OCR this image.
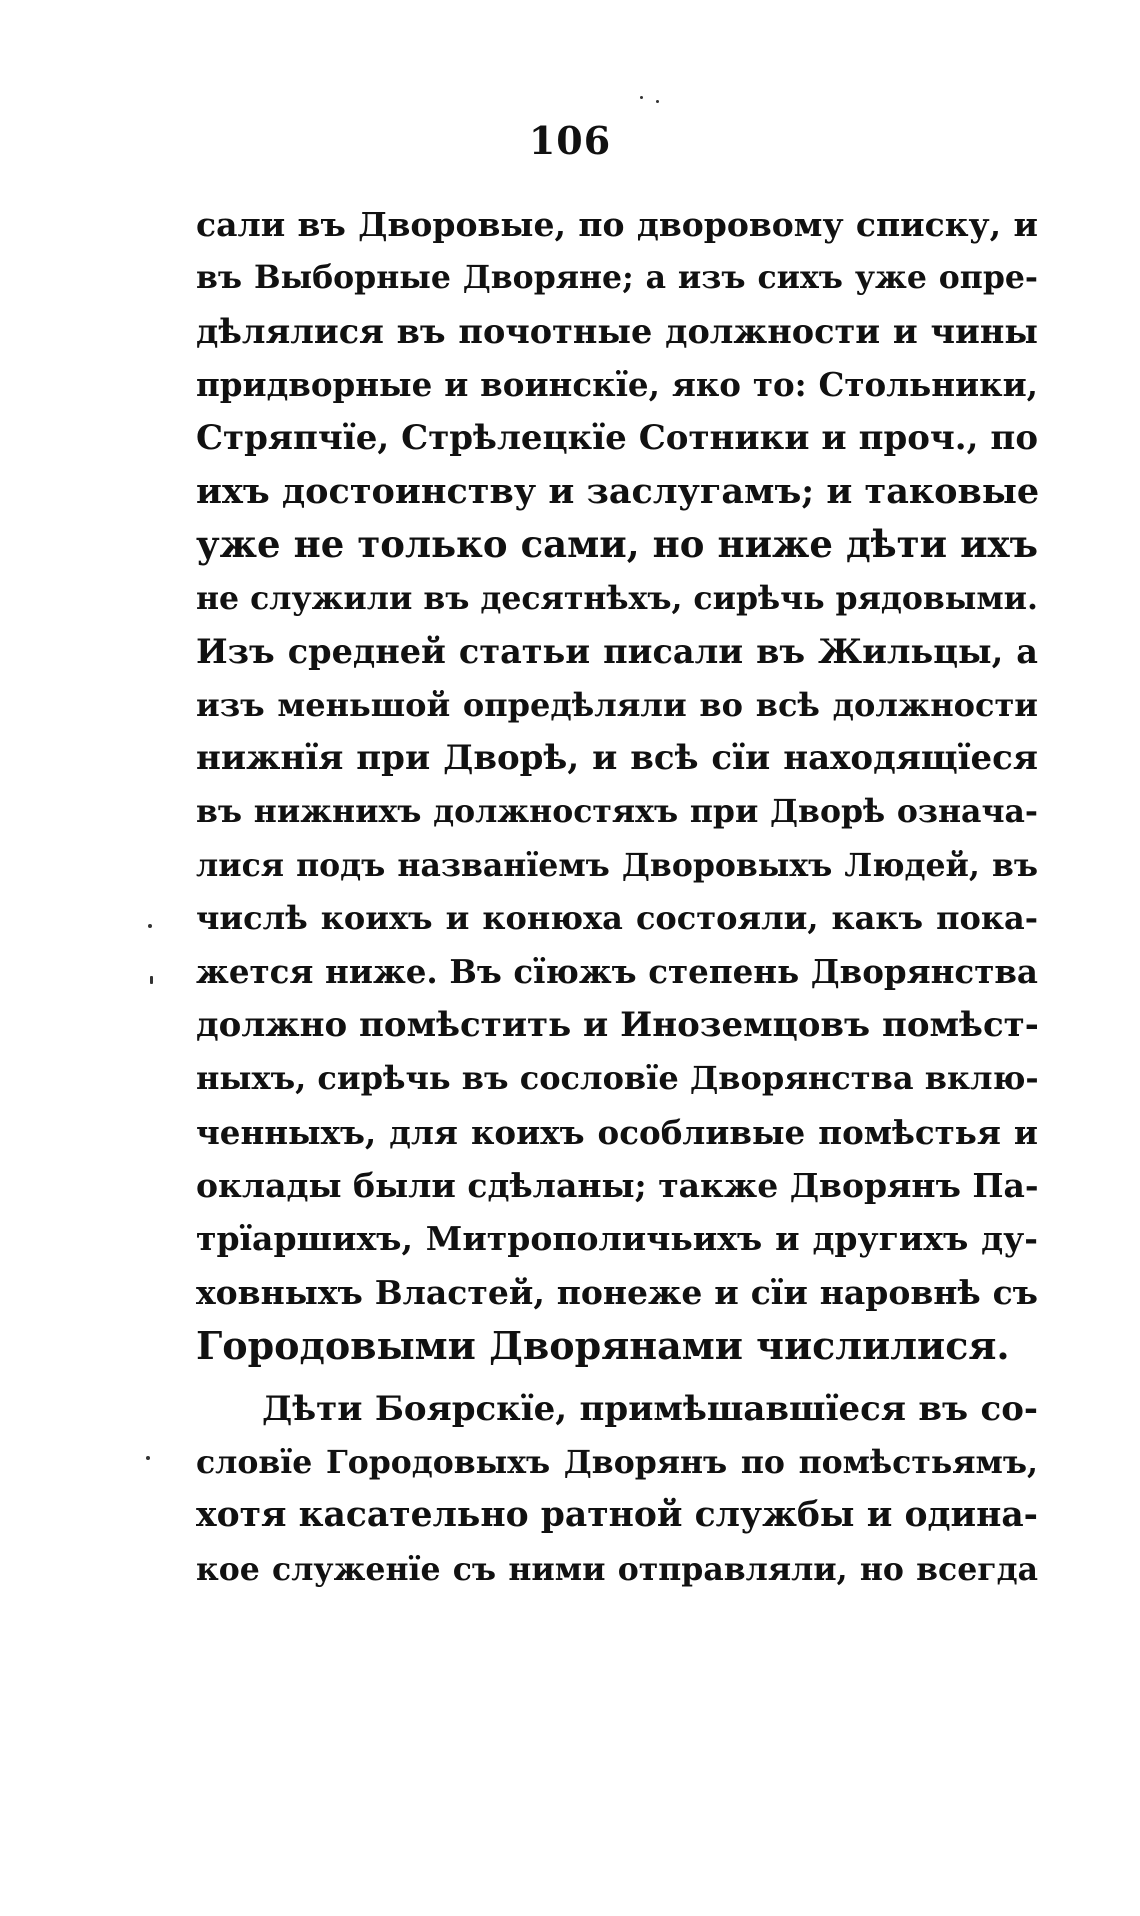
106
сали въ Дворовые, по дворовому списку, и
въ Выборные Дворяне; а изъ сихъ уже опре-
дѣлялися въ почотные должности и чины
придворные и воинскїе, яко то: Стольники,
Стряпчїе, Стрѣлецкїе Сотники и проч., по
ихъ достоинству и заслугамъ; и таковые
уже не только сами, но ниже дѣти ихъ
не служили въ десятнѣхъ, сирѣчь рядовыми.
Изъ средней статьи писали въ Жильцы, а
изъ меньшой опредѣляли во всѣ должности
нижнїя при Дворѣ, и всѣ сїи находящїеся
въ нижнихъ должностяхъ при Дворѣ означа-
лися подъ названїемъ Дворовыхъ Людей, въ
числѣ коихъ и конюха состояли, какъ пока-
жется ниже. Въ сїюжъ степень Дворянства
должно помѣстить и Иноземцовъ помѣст-
ныхъ, сирѣчь въ сословїе Дворянства вклю-
ченныхъ, для коихъ особливые помѣстья и
оклады были сдѣланы; также Дворянъ Па-
трїаршихъ, Митрополичьихъ и другихъ ду-
ховныхъ Властей, понеже и сїи наровнѣ съ
Городовыми Дворянами числилися.
Дѣти Боярскїе, примѣшавшїеся въ со-
словїе Городовыхъ Дворянъ по помѣстьямъ,
хотя касательно ратной службы и одина-
кое служенїе съ ними отправляли, но всегда
